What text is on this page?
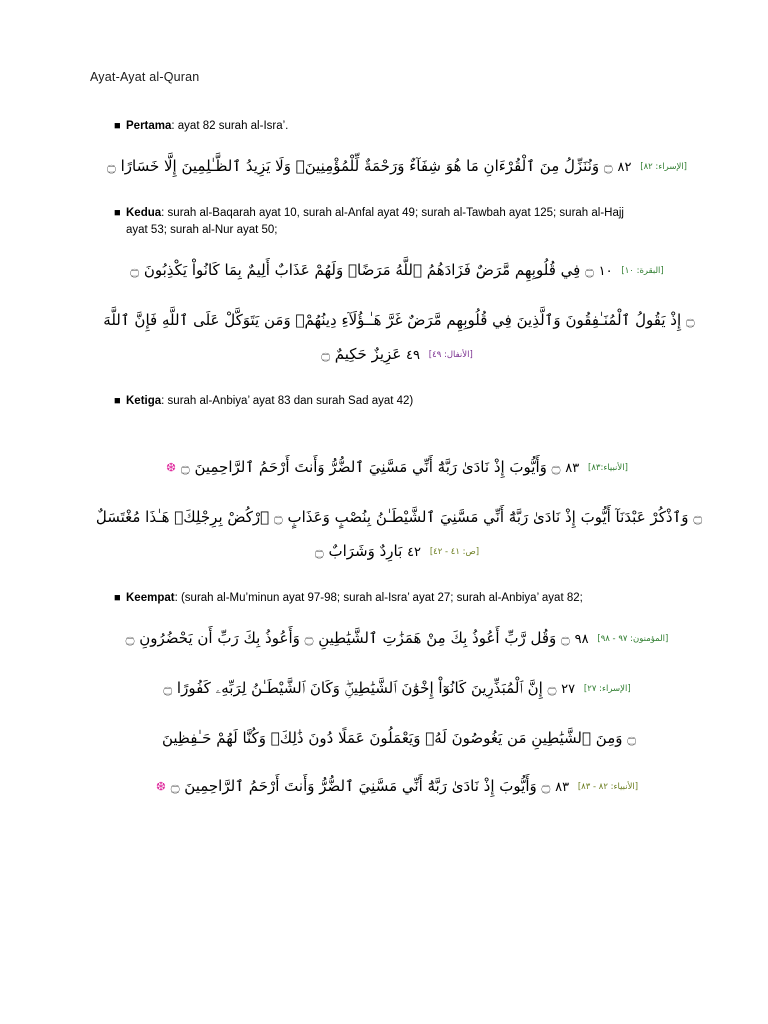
Ayat-Ayat al-Quran
■ Pertama: ayat 82 surah al-Isra’.
[الإسراء: ٨٢] ٨٢ ۝ وَنُنَزِّلُ مِنَ ٱلْقُرْءَانِ مَا هُوَ شِفَآءٌ وَرَحْمَةٌ لِّلْمُؤْمِنِينَۖ وَلَا يَزِيدُ ٱلظَّـٰلِمِينَ إِلَّا خَسَارًا ۝
■ Kedua: surah al-Baqarah ayat 10, surah al-Anfal ayat 49; surah al-Tawbah ayat 125; surah al-Hajj ayat 53; surah al-Nur ayat 50;
[البقرة: ١٠] ١٠ ۝ فِي قُلُوبِهِم مَّرَضٌ فَزَادَهُمُ ٱللَّهُ مَرَضًاۖ وَلَهُمْ عَذَابٌ أَلِيمٌ بِمَا كَانُواْ يَكْذِبُونَ ۝
۝ إِذْ يَقُولُ ٱلْمُنَـٰفِقُونَ وَٱلَّذِينَ فِي قُلُوبِهِم مَّرَضٌ غَرَّ هَـٰـؤُلَآءِ دِينُهُمْۚ وَمَن يَتَوَكَّلْ عَلَى ٱللَّهِ فَإِنَّ ٱللَّهَ
[الأنفال: ٤٩] ٤٩ عَزِيزٌ حَكِيمٌ ۝
■ Ketiga: surah al-Anbiya’ ayat 83 dan surah Sad ayat 42)
[الأنبياء:٨٣] ٨٣ ۝ وَأَيُّوبَ إِذْ نَادَىٰ رَبَّهُٓ أَنِّي مَسَّنِيَ ٱلضُّرُّ وَأَنتَ أَرْحَمُ ٱلرَّاحِمِينَ ۝ ❆
۝ وَٱذْكُرْ عَبْدَنَآ أَيُّوبَ إِذْ نَادَىٰ رَبَّهُٓ أَنِّي مَسَّنِيَ ٱلشَّيْطَـٰنُ بِنُصْبٍ وَعَذَابٍ ۝ ٱرْكُضْ بِرِجْلِكَۖ هَـٰذَا مُغْتَسَلٌ
[ص: ٤١ - ٤٢] ٤٢ بَارِدٌ وَشَرَابٌ ۝
■ Keempat: (surah al-Mu’minun ayat 97-98; surah al-Isra’ ayat 27; surah al-Anbiya’ ayat 82;
[المؤمنون: ٩٧ - ٩٨] ٩٨ ۝ وَقُل رَّبِّ أَعُوذُ بِكَ مِنْ هَمَزَٰتِ ٱلشَّيَٰطِينِ ۝ وَأَعُوذُ بِكَ رَبِّ أَن يَحْضُرُونِ ۝
[الإسراء: ٢٧] ٢٧ ۝ إِنَّ ٱلْمُبَذِّرِينَ كَانُوٓاْ إِخْوَٰنَ ٱلشَّيَٰطِينِۖ وَكَانَ ٱلشَّيْطَـٰنُ لِرَبِّهِۦ كَفُورًا ۝
۝ وَمِنَ ٱلشَّيَٰطِينِ مَن يَغُوصُونَ لَهُۥ وَيَعْمَلُونَ عَمَلًا دُونَ ذَٰلِكَۚ وَكُنَّا لَهُمْ حَـٰفِظِينَ
[الأنبياء: ٨٢ - ٨٣] ٨٣ ۝ وَأَيُّوبَ إِذْ نَادَىٰ رَبَّهُٓ أَنِّي مَسَّنِيَ ٱلضُّرُّ وَأَنتَ أَرْحَمُ ٱلرَّاحِمِينَ ۝ ❆
